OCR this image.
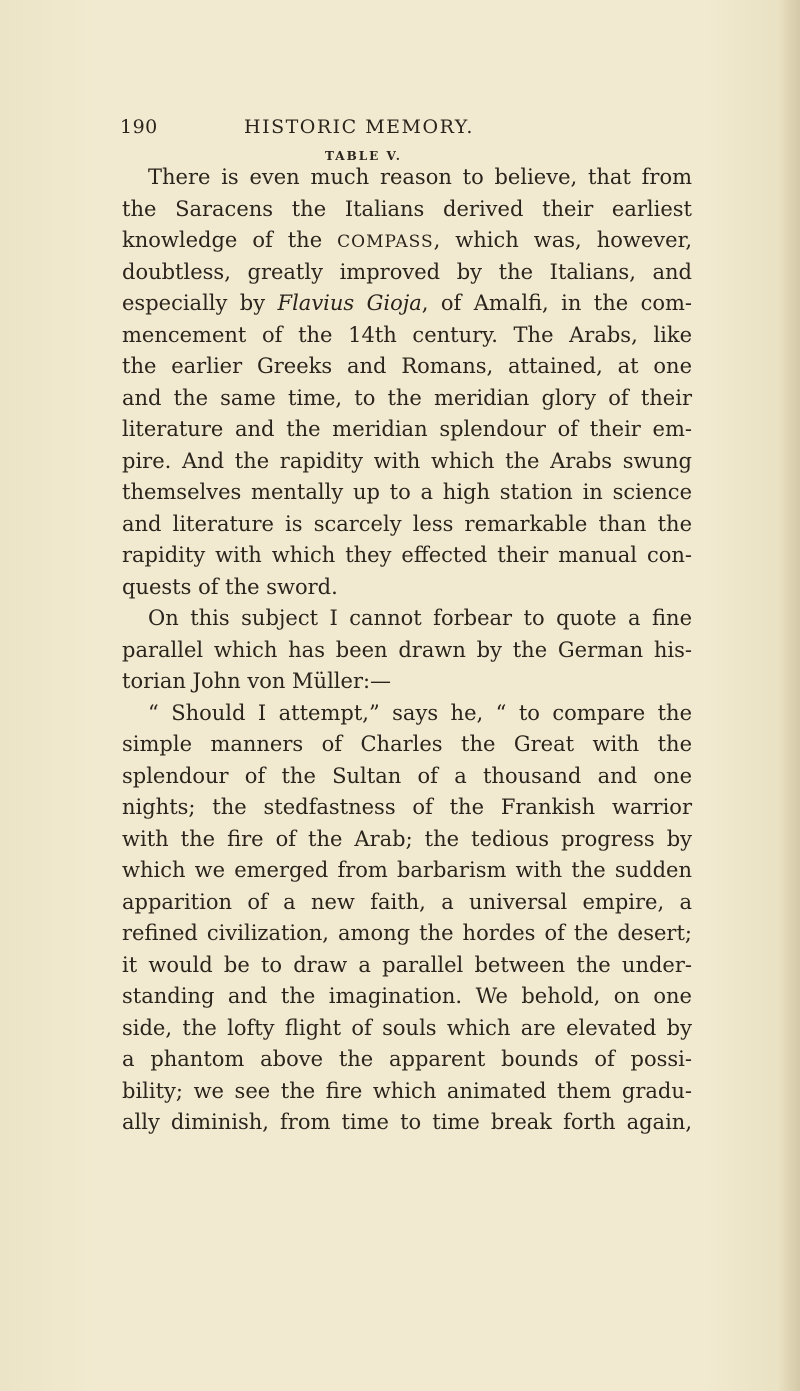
190	HISTORIC MEMORY.
TABLE V.
There is even much reason to believe, that from
the Saracens the Italians derived their earliest
knowledge of the COMPASS, which was, however,
doubtless, greatly improved by the Italians, and
especially by Flavius Gioja, of Amalfi, in the com-
mencement of the 14th century. The Arabs, like
the earlier Greeks and Romans, attained, at one
and the same time, to the meridian glory of their
literature and the meridian splendour of their em-
pire. And the rapidity with which the Arabs swung
themselves mentally up to a high station in science
and literature is scarcely less remarkable than the
rapidity with which they effected their manual con-
quests of the sword.
On this subject I cannot forbear to quote a fine
parallel which has been drawn by the German his-
torian John von Müller:—
“ Should I attempt,” says he, “ to compare the
simple manners of Charles the Great with the
splendour of the Sultan of a thousand and one
nights; the stedfastness of the Frankish warrior
with the fire of the Arab; the tedious progress by
which we emerged from barbarism with the sudden
apparition of a new faith, a universal empire, a
refined civilization, among the hordes of the desert;
it would be to draw a parallel between the under-
standing and the imagination. We behold, on one
side, the lofty flight of souls which are elevated by
a phantom above the apparent bounds of possi-
bility; we see the fire which animated them gradu-
ally diminish, from time to time break forth again,
